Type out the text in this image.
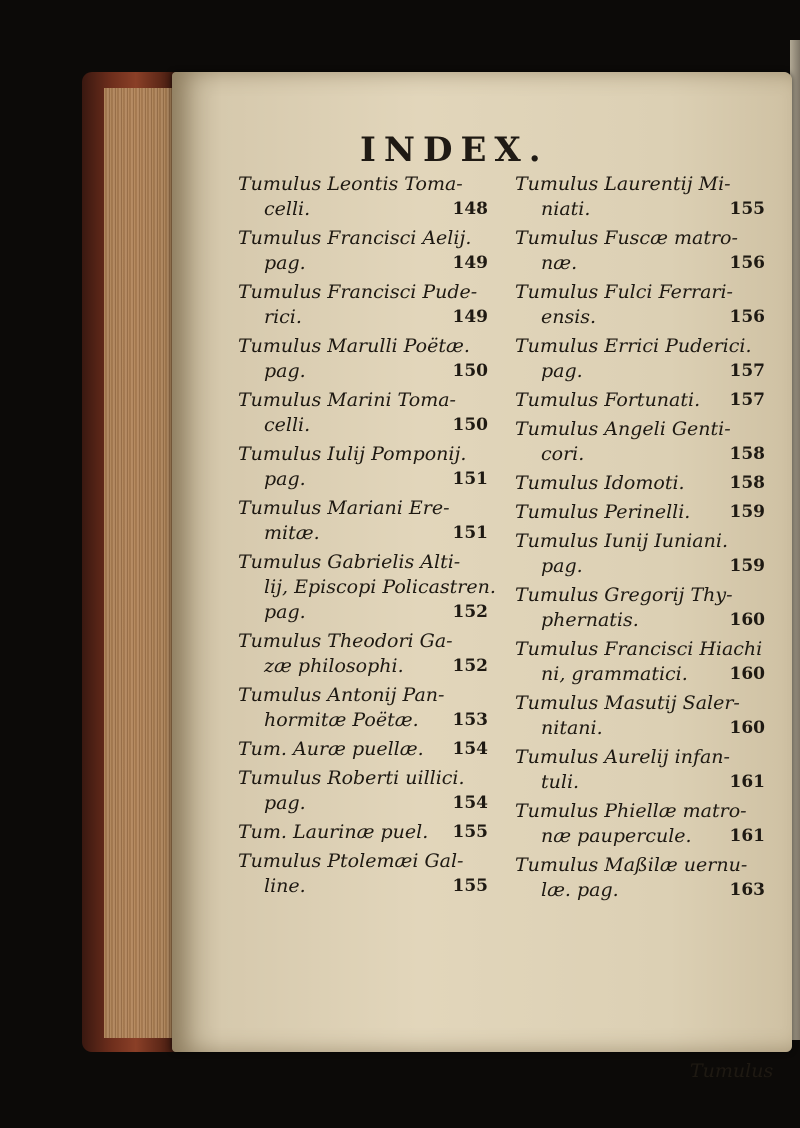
INDEX.
Tumulus Leontis Toma-
celli.	148
Tumulus Francisci Aelij.
pag.	149
Tumulus Francisci Pude-
rici.	149
Tumulus Marulli Poëtæ.
pag.	150
Tumulus Marini Toma-
celli.	150
Tumulus Iulij Pomponij.
pag.	151
Tumulus Mariani Ere-
mitæ.	151
Tumulus Gabrielis Alti-
lij, Episcopi Policastren.
pag.	152
Tumulus Theodori Ga-
zæ philosophi.	152
Tumulus Antonij Pan-
hormitæ Poëtæ. 153
Tum. Auræ puellæ. 154
Tumulus Roberti uillici.
pag.	154
Tum. Laurinæ puel. 155
Tumulus Ptolemæi Gal-
line.	155
Tumulus Laurentij Mi-
niati.	155
Tumulus Fuscæ matro-
næ.	156
Tumulus Fulci Ferrari-
ensis.	156
Tumulus Errici Puderici.
pag.	157
Tumulus Fortunati. 157
Tumulus Angeli Genti-
cori.	158
Tumulus Idomoti.	158
Tumulus Perinelli. 159
Tumulus Iunij Iuniani.
pag.	159
Tumulus Gregorij Thy-
phernatis.	160
Tumulus Francisci Hiachi
ni, grammatici. 160
Tumulus Masutij Saler-
nitani.	160
Tumulus Aurelij infan-
tuli.	161
Tumulus Phiellæ matro-
næ paupercule. 161
Tumulus Maßilæ uernu-
læ. pag.	163
Tumulus
